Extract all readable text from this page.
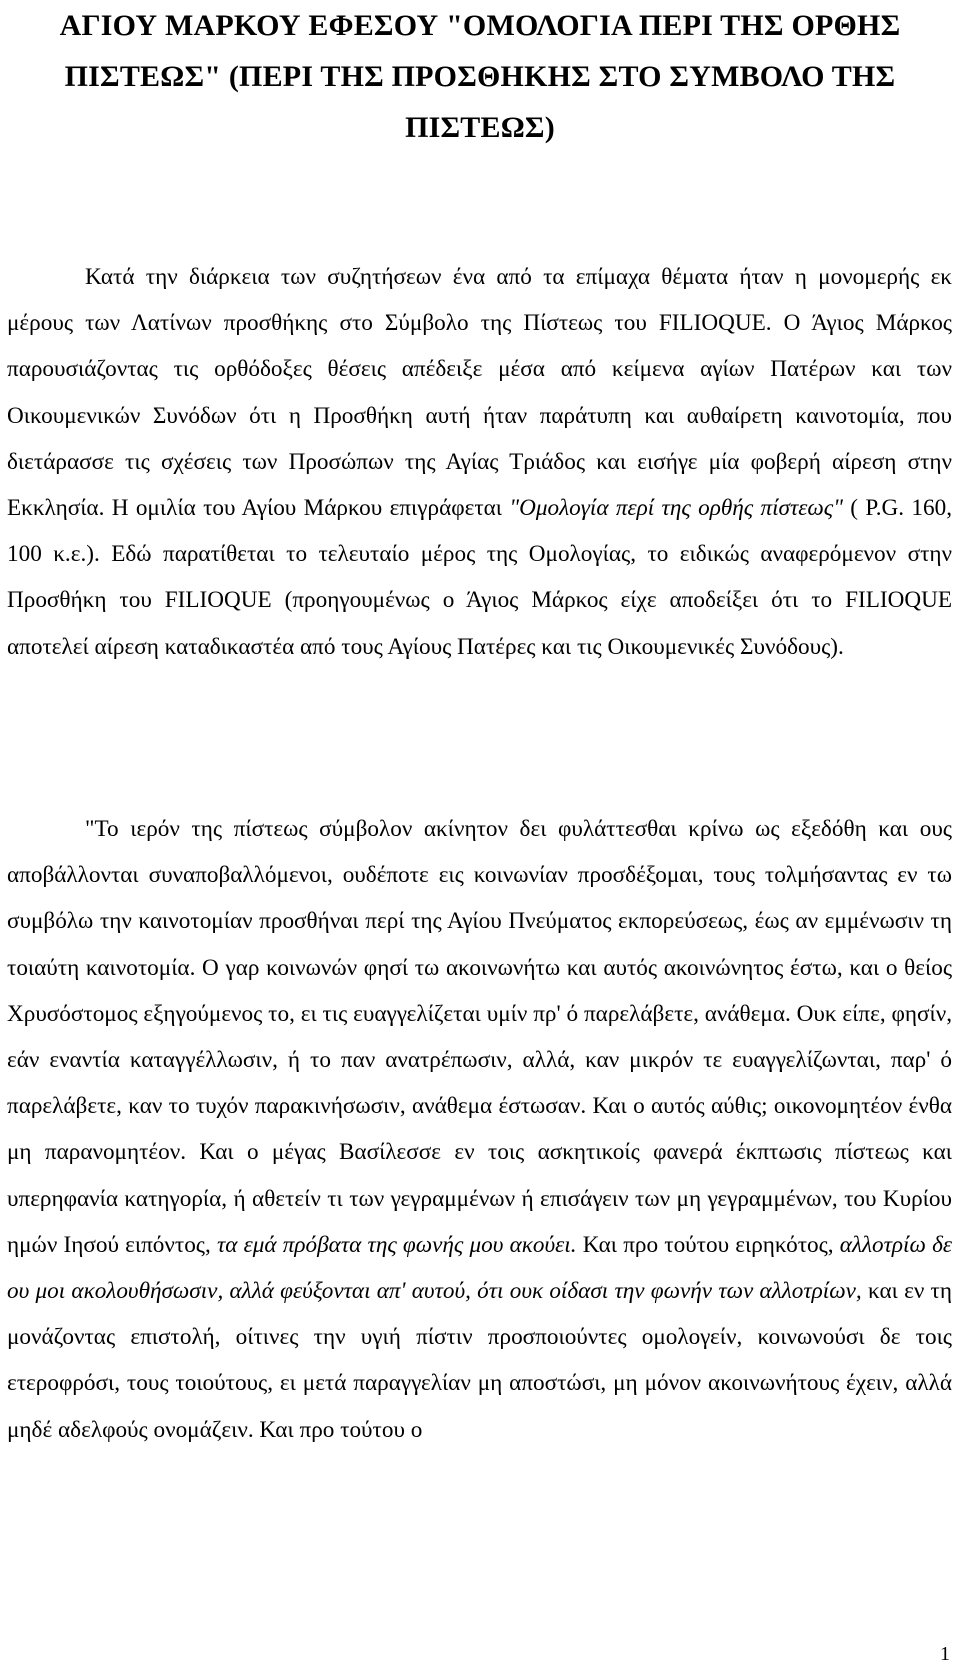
ΑΓΙΟΥ ΜΑΡΚΟΥ ΕΦΕΣΟΥ "ΟΜΟΛΟΓΙΑ ΠΕΡΙ ΤΗΣ ΟΡΘΗΣ
ΠΙΣΤΕΩΣ" (ΠΕΡΙ ΤΗΣ ΠΡΟΣΘΗΚΗΣ ΣΤΟ ΣΥΜΒΟΛΟ ΤΗΣ
ΠΙΣΤΕΩΣ)

Κατά την διάρκεια των συζητήσεων ένα από τα επίμαχα θέματα ήταν η μονομερής εκ μέρους των Λατίνων προσθήκης στο Σύμβολο της Πίστεως του FILIOQUE. Ο Άγιος Μάρκος παρουσιάζοντας τις ορθόδοξες θέσεις απέδειξε μέσα από κείμενα αγίων Πατέρων και των Οικουμενικών Συνόδων ότι η Προσθήκη αυτή ήταν παράτυπη και αυθαίρετη καινοτομία, που διετάρασσε τις σχέσεις των Προσώπων της Αγίας Τριάδος και εισήγε μία φοβερή αίρεση στην Εκκλησία. Η ομιλία του Αγίου Μάρκου επιγράφεται "Ομολογία περί της ορθής πίστεως" ( P.G. 160, 100 κ.ε.). Εδώ παρατίθεται το τελευταίο μέρος της Ομολογίας, το ειδικώς αναφερόμενον στην Προσθήκη του FILIOQUE (προηγουμένως ο Άγιος Μάρκος είχε αποδείξει ότι το FILIOQUE αποτελεί αίρεση καταδικαστέα από τους Αγίους Πατέρες και τις Οικουμενικές Συνόδους).

"Το ιερόν της πίστεως σύμβολον ακίνητον δει φυλάττεσθαι κρίνω ως εξεδόθη και ους αποβάλλονται συναποβαλλόμενοι, ουδέποτε εις κοινωνίαν προσδέξομαι, τους τολμήσαντας εν τω συμβόλω την καινοτομίαν προσθήναι περί της Αγίου Πνεύματος εκπορεύσεως, έως αν εμμένωσιν τη τοιαύτη καινοτομία. Ο γαρ κοινωνών φησί τω ακοινωνήτω και αυτός ακοινώνητος έστω, και ο θείος Χρυσόστομος εξηγούμενος το, ει τις ευαγγελίζεται υμίν πρ' ό παρελάβετε, ανάθεμα. Ουκ είπε, φησίν, εάν εναντία καταγγέλλωσιν, ή το παν ανατρέπωσιν, αλλά, καν μικρόν τε ευαγγελίζωνται, παρ' ό παρελάβετε, καν το τυχόν παρακινήσωσιν, ανάθεμα έστωσαν. Και ο αυτός αύθις; οικονομητέον ένθα μη παρανομητέον. Και ο μέγας Βασίλεσσε εν τοις ασκητικοίς φανερά έκπτωσις πίστεως και υπερηφανία κατηγορία, ή αθετείν τι των γεγραμμένων ή επισάγειν των μη γεγραμμένων, του Κυρίου ημών Ιησού ειπόντος, τα εμά πρόβατα της φωνής μου ακούει. Και προ τούτου ειρηκότος, αλλοτρίω δε ου μοι ακολουθήσωσιν, αλλά φεύξονται απ' αυτού, ότι ουκ οίδασι την φωνήν των αλλοτρίων, και εν τη μονάζοντας επιστολή, οίτινες την υγιή πίστιν προσποιούντες ομολογείν, κοινωνούσι δε τοις ετεροφρόσι, τους τοιούτους, ει μετά παραγγελίαν μη αποστώσι, μη μόνον ακοινωνήτους έχειν, αλλά μηδέ αδελφούς ονομάζειν. Και προ τούτου ο

1
